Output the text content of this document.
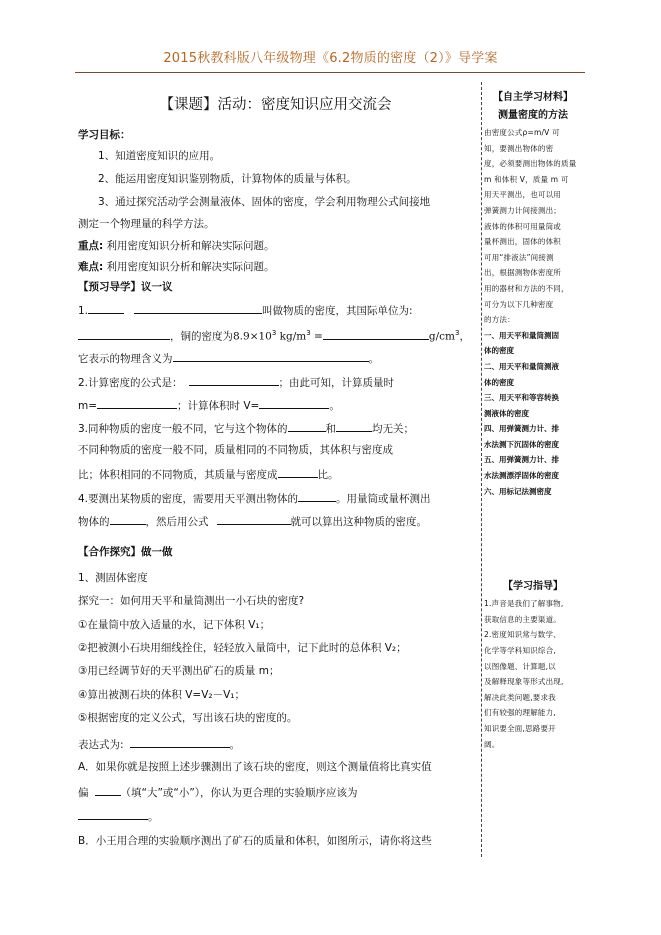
2015秋教科版八年级物理《6.2物质的密度（2）》导学案
【课题】活动：密度知识应用交流会
学习目标：
1、知道密度知识的应用。
2、能运用密度知识鉴别物质，计算物体的质量与体积。
3、通过探究活动学会测量液体、固体的密度，学会利用物理公式间接地
测定一个物理量的科学方法。
重点: 利用密度知识分析和解决实际问题。
难点: 利用密度知识分析和解决实际问题。
【预习导学】议一议
1.	叫做物质的密度，其国际单位为:
，铜的密度为$8.9\times 10^3$ $kg/m^3$ =	$g/cm^3$，
它表示的物理含义为	。
2.计算密度的公式是：	；由此可知，计算质量时
m=	；计算体积时 V=	。
3.同种物质的密度一般不同，它与这个物体的	和	均无关；
不同种物质的密度一般不同，质量相同的不同物质，其体积与密度成
比；体积相同的不同物质，其质量与密度成	比。
4.要测出某物质的密度，需要用天平测出物体的	。用量筒或量杯测出
物体的	，然后用公式	就可以算出这种物质的密度。
【合作探究】做一做
1、测固体密度
探究一：如何用天平和量筒测出一小石块的密度?
①在量筒中放入适量的水，记下体积 V₁；
②把被测小石块用细线拴住，轻轻放入量筒中，记下此时的总体积 V₂；
③用已经调节好的天平测出矿石的质量 m；
④算出被测石块的体积 V=V₂－V₁；
⑤根据密度的定义公式，写出该石块的密度的。
表达式为:	。
A．如果你就是按照上述步骤测出了该石块的密度，则这个测量值将比真实值
偏	（填“大”或“小”），你认为更合理的实验顺序应该为
。
B．小王用合理的实验顺序测出了矿石的质量和体积，如图所示，请你将这些
【自主学习材料】
测量密度的方法
由密度公式ρ=m/V 可
知，要测出物体的密
度，必须要测出物体的质量
m 和体积 V，质量 m 可
用天平测出，也可以用
弹簧测力计间接测出；
液体的体积可用量筒或
量杯测出，固体的体积
可用“排液法”间接测
出，根据测物体密度所
用的器材和方法的不同，
可分为以下几种密度
的方法：
一、用天平和量筒测固
体的密度
二、用天平和量筒测液
体的密度
三、用天平和等容转换
测液体的密度
四、用弹簧测力计、排
水法测下沉固体的密度
五、用弹簧测力计、排
水法测漂浮固体的密度
六、用标记法测密度
【学习指导】
1.声音是我们了解事物,
获取信息的主要渠道。
2.密度知识常与数学、
化学等学科知识综合,
以图像题、计算题,以
及解释现象等形式出现,
解决此类问题,要求我
们有较强的理解能力,
知识要全面,思路要开
阔。
